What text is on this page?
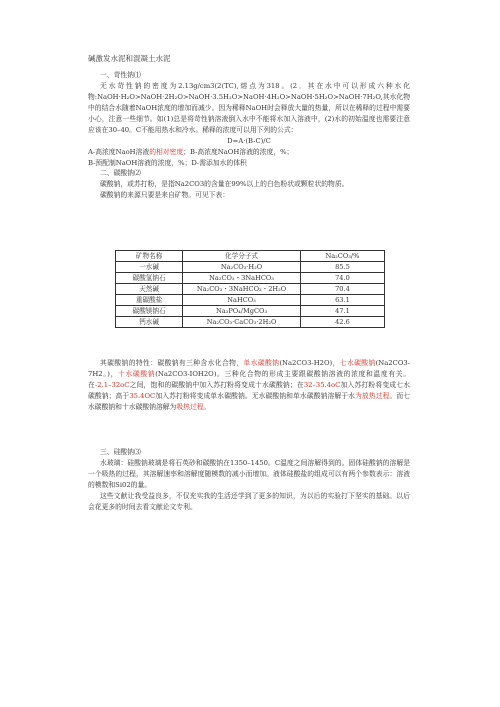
碱激发水泥和混凝土水泥

一、苛性钠⑴

无水苛性钠的密度为2.13g/cm3(2(TC),熔点为318。(2．其在水中可以形成六种水化物:NaOH·H₂O>NaOH·2H₂O>NaOH·3.5H₂O>NaOH·4H₂O>NaOH·5H₂O>NaOH·7H₂O,其水化物中的结合水随着NaOH浓度的增加而减少。因为稀释NaOH时会释放大量的热量，所以在稀释的过程中需要小心，注意一些细节。如(1)总是将苛性钠溶液倒入水中不能将水加入溶液中，(2)水的初始温度也需要注意应该在30–40。C不能用热水和冷水。稀释的浓度可以用下列的公式：

D=A·(B-C)/C

A-高浓度NaoH溶液的相对密度；B-高浓度NaOH溶液的浓度，%；

B-预配制NaOH溶液的浓度，%；D-需添加水的体积

二、碳酸钠⑵

碳酸钠，或苏打粉，是指Na2CO3的含量在99%以上的白色粉状或颗粒状的物质。

碳酸钠的来源只要是来自矿物。可见下表：

矿物名称	化学分子式	Na₂CO₃/%
一水碱	Na₂CO₃·H₂O	85.5
碳酸氢钠石	Na₂CO₃・3NaHCO₃	74.0
天然碱	Na₂CO₃・3NaHCO₃・2H₂O	70.4
重碳酸盐	NaHCO₃	63.1
碳酸镁钠石	Na₃PO₄/MgCO₃	47.1
钙水碱	Na₂CO₃·CaCO₃·2H₂O	42.6

其碳酸钠的特性：碳酸钠有三种含水化合物，单水碳酸钠(Na2CO3-H2O)，七水碳酸钠(Na2CO3-7H2。)，十水碳酸钠(Na2CO3-IOH2O)。三种化合物的形成主要跟碳酸钠溶液的浓度和温度有关。在-2.1–32oC之间，饱和的碳酸钠中加入苏打粉将变成十水碳酸钠；在32–35.4oC加入苏打粉将变成七水碳酸钠；高于35.4OC加入苏打粉将变成单水碳酸钠。无水碳酸钠和单水碳酸钠溶解于水为放热过程。而七水碳酸钠和十水碳酸钠溶解为吸热过程。

三、硅酸钠⑶

水玻璃：硅酸钠玻璃是将石英砂和碳酸钠在1350–1450。C温度之间溶解得到的。固体硅酸钠的溶解是一个吸热的过程，其溶解速率和溶解度随模数的减小而增加。液体硅酸盐的组成可以有两个参数表示：溶液的模数和Si02的量。

这些文献让我受益良多，不仅充实我的生活还学到了更多的知识，为以后的实验打下坚实的基础。以后会花更多的时间去看文献论文专利。
